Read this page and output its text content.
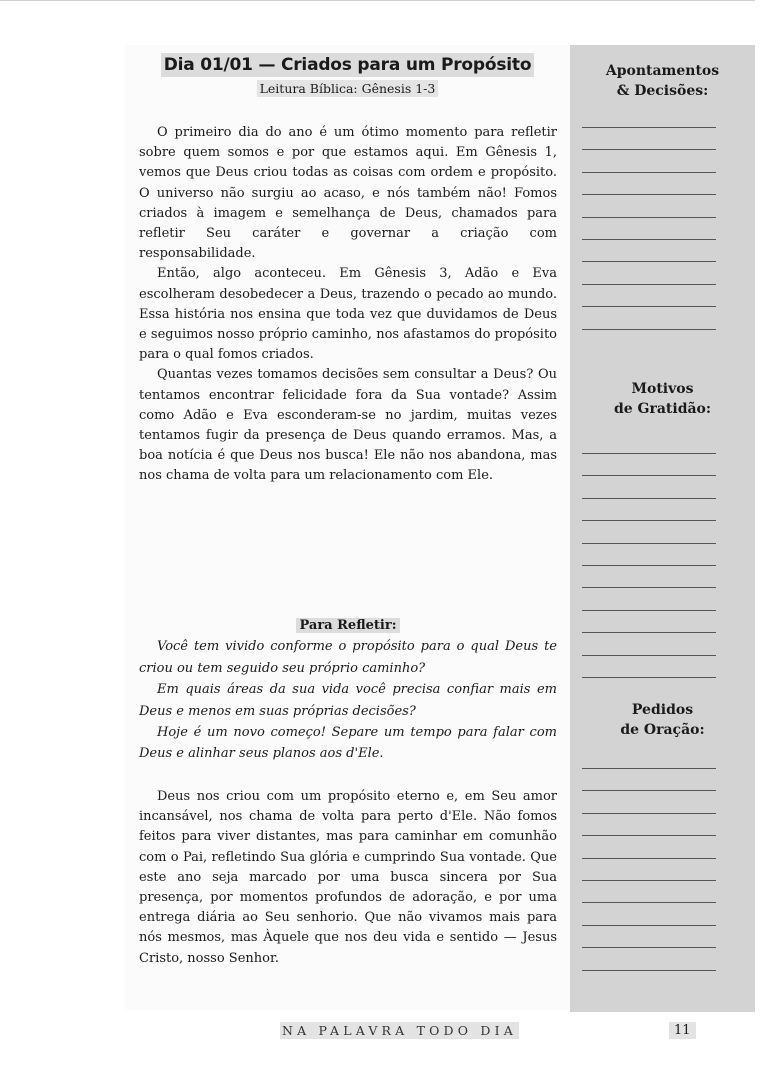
Dia 01/01 — Criados para um Propósito
Leitura Bíblica: Gênesis 1-3

O primeiro dia do ano é um ótimo momento para refletir sobre quem somos e por que estamos aqui. Em Gênesis 1, vemos que Deus criou todas as coisas com ordem e propósito. O universo não surgiu ao acaso, e nós também não! Fomos criados à imagem e semelhança de Deus, chamados para refletir Seu caráter e governar a criação com responsabilidade.

Então, algo aconteceu. Em Gênesis 3, Adão e Eva escolheram desobedecer a Deus, trazendo o pecado ao mundo. Essa história nos ensina que toda vez que duvidamos de Deus e seguimos nosso próprio caminho, nos afastamos do propósito para o qual fomos criados.

Quantas vezes tomamos decisões sem consultar a Deus? Ou tentamos encontrar felicidade fora da Sua vontade? Assim como Adão e Eva esconderam-se no jardim, muitas vezes tentamos fugir da presença de Deus quando erramos. Mas, a boa notícia é que Deus nos busca! Ele não nos abandona, mas nos chama de volta para um relacionamento com Ele.

Para Refletir:

Você tem vivido conforme o propósito para o qual Deus te criou ou tem seguido seu próprio caminho?

Em quais áreas da sua vida você precisa confiar mais em Deus e menos em suas próprias decisões?

Hoje é um novo começo! Separe um tempo para falar com Deus e alinhar seus planos aos d'Ele.

Deus nos criou com um propósito eterno e, em Seu amor incansável, nos chama de volta para perto d'Ele. Não fomos feitos para viver distantes, mas para caminhar em comunhão com o Pai, refletindo Sua glória e cumprindo Sua vontade. Que este ano seja marcado por uma busca sincera por Sua presença, por momentos profundos de adoração, e por uma entrega diária ao Seu senhorio. Que não vivamos mais para nós mesmos, mas Àquele que nos deu vida e sentido — Jesus Cristo, nosso Senhor.

Apontamentos
& Decisões:
Motivos
de Gratidão:
Pedidos
de Oração:
NA PALAVRA TODO DIA	11
